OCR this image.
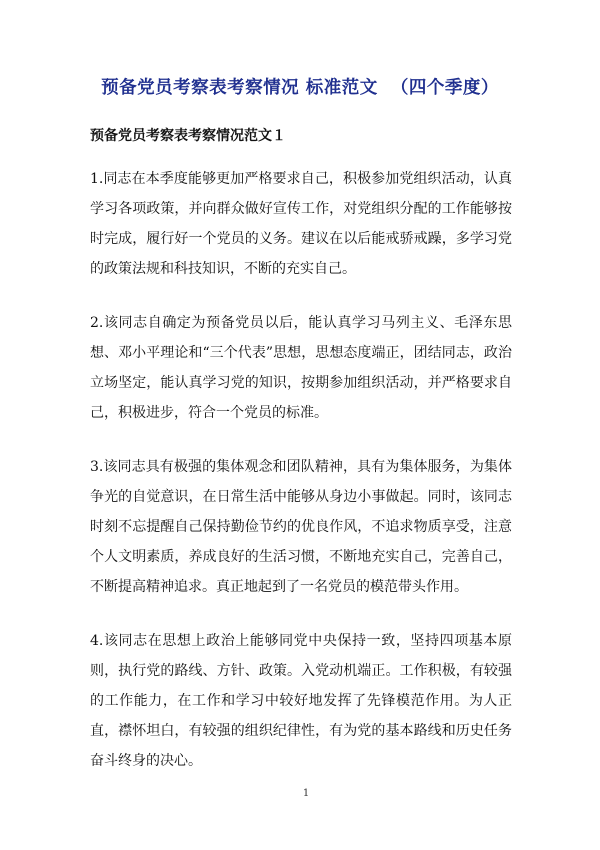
预备党员考察表考察情况 标准范文  （四个季度）
预备党员考察表考察情况范文１

1.同志在本季度能够更加严格要求自己，积极参加党组织活动，认真学习各项政策，并向群众做好宣传工作，对党组织分配的工作能够按时完成，履行好一个党员的义务。建议在以后能戒骄戒躁，多学习党的政策法规和科技知识，不断的充实自己。

2.该同志自确定为预备党员以后，能认真学习马列主义、毛泽东思想、邓小平理论和“三个代表”思想，思想态度端正，团结同志，政治立场坚定，能认真学习党的知识，按期参加组织活动，并严格要求自己，积极进步，符合一个党员的标准。

3.该同志具有极强的集体观念和团队精神，具有为集体服务，为集体争光的自觉意识，在日常生活中能够从身边小事做起。同时，该同志时刻不忘提醒自己保持勤俭节约的优良作风，不追求物质享受，注意个人文明素质，养成良好的生活习惯，不断地充实自己，完善自己，不断提高精神追求。真正地起到了一名党员的模范带头作用。

4.该同志在思想上政治上能够同党中央保持一致，坚持四项基本原则，执行党的路线、方针、政策。入党动机端正。工作积极，有较强的工作能力，在工作和学习中较好地发挥了先锋模范作用。为人正直，襟怀坦白，有较强的组织纪律性，有为党的基本路线和历史任务奋斗终身的决心。

1
